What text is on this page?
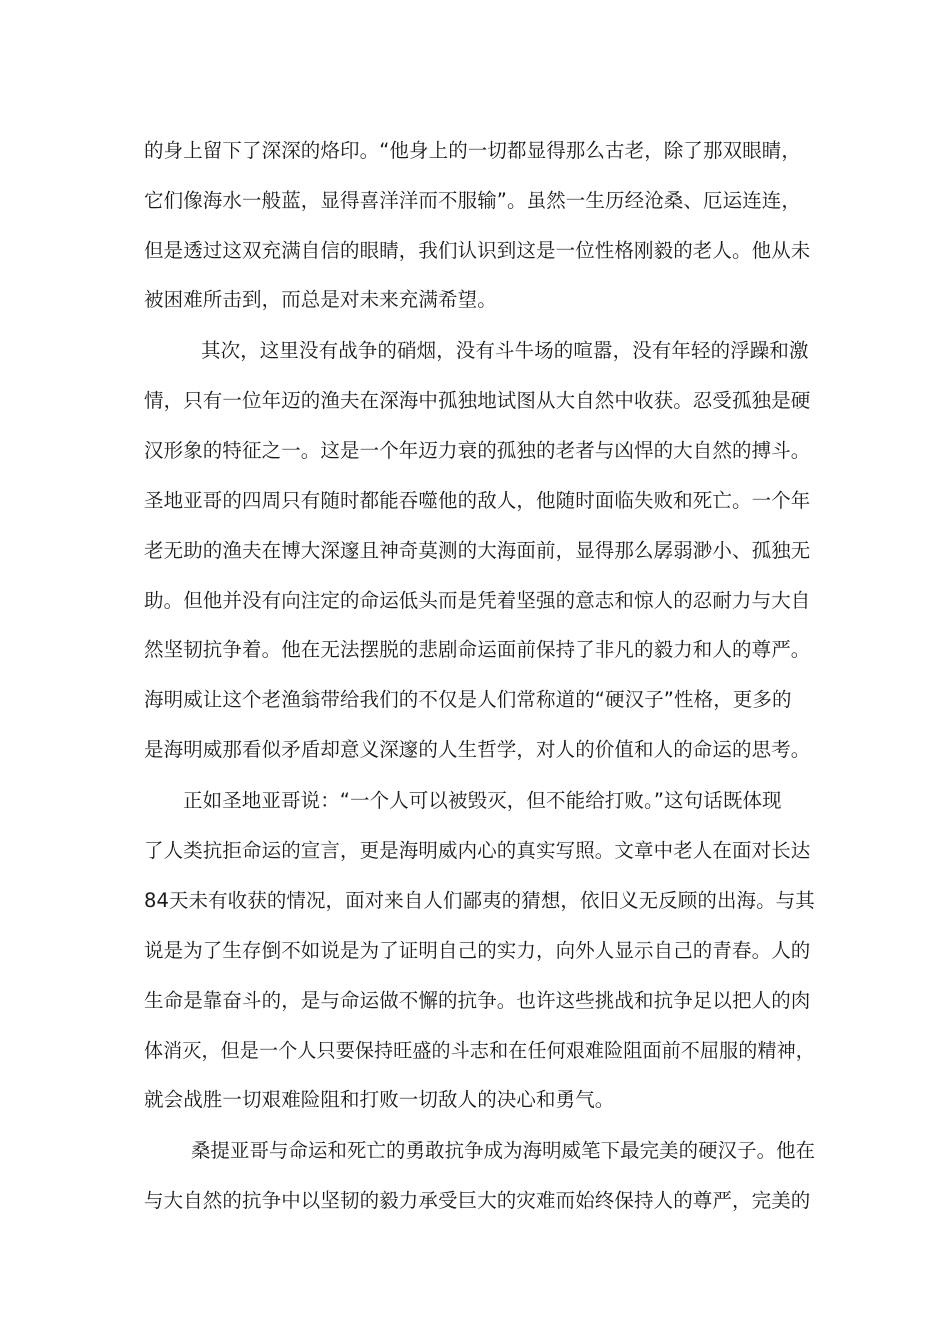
的身上留下了深深的烙印。“他身上的一切都显得那么古老，除了那双眼睛，
它们像海水一般蓝，显得喜洋洋而不服输”。虽然一生历经沧桑、厄运连连，
但是透过这双充满自信的眼睛，我们认识到这是一位性格刚毅的老人。他从未
被困难所击到，而总是对未来充满希望。
其次，这里没有战争的硝烟，没有斗牛场的喧嚣，没有年轻的浮躁和激
情，只有一位年迈的渔夫在深海中孤独地试图从大自然中收获。忍受孤独是硬
汉形象的特征之一。这是一个年迈力衰的孤独的老者与凶悍的大自然的搏斗。
圣地亚哥的四周只有随时都能吞噬他的敌人，他随时面临失败和死亡。一个年
老无助的渔夫在博大深邃且神奇莫测的大海面前，显得那么孱弱渺小、孤独无
助。但他并没有向注定的命运低头而是凭着坚强的意志和惊人的忍耐力与大自
然坚韧抗争着。他在无法摆脱的悲剧命运面前保持了非凡的毅力和人的尊严。
海明威让这个老渔翁带给我们的不仅是人们常称道的“硬汉子”性格，更多的
是海明威那看似矛盾却意义深邃的人生哲学，对人的价值和人的命运的思考。
正如圣地亚哥说：“一个人可以被毁灭，但不能给打败。”这句话既体现
了人类抗拒命运的宣言，更是海明威内心的真实写照。文章中老人在面对长达
84天未有收获的情况，面对来自人们鄙夷的猜想，依旧义无反顾的出海。与其
说是为了生存倒不如说是为了证明自己的实力，向外人显示自己的青春。人的
生命是靠奋斗的，是与命运做不懈的抗争。也许这些挑战和抗争足以把人的肉
体消灭，但是一个人只要保持旺盛的斗志和在任何艰难险阻面前不屈服的精神，
就会战胜一切艰难险阻和打败一切敌人的决心和勇气。
桑提亚哥与命运和死亡的勇敢抗争成为海明威笔下最完美的硬汉子。他在
与大自然的抗争中以坚韧的毅力承受巨大的灾难而始终保持人的尊严，完美的
